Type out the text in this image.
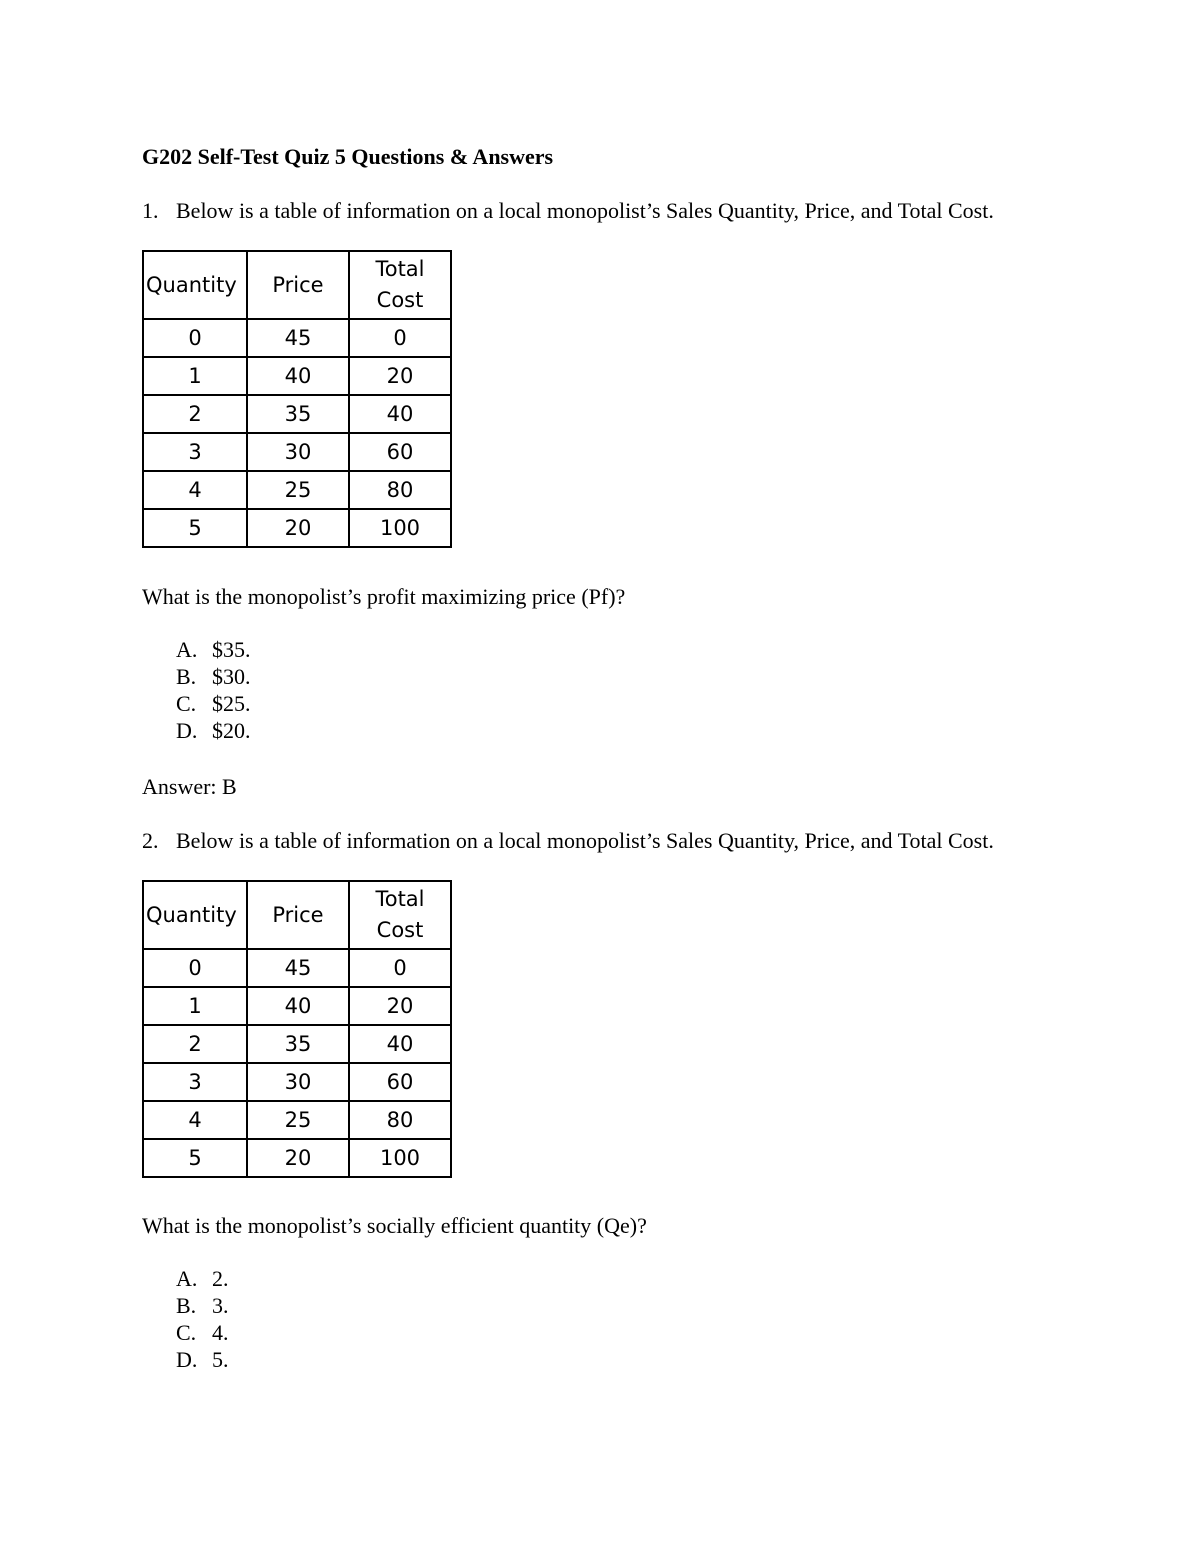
G202 Self-Test Quiz 5 Questions & Answers
1. Below is a table of information on a local monopolist’s Sales Quantity, Price, and Total Cost.
Quantity	Price	Total Cost
0	45	0
1	40	20
2	35	40
3	30	60
4	25	80
5	20	100
What is the monopolist’s profit maximizing price (Pf)?
A. $35.
B. $30.
C. $25.
D. $20.
Answer: B
2. Below is a table of information on a local monopolist’s Sales Quantity, Price, and Total Cost.
Quantity	Price	Total Cost
0	45	0
1	40	20
2	35	40
3	30	60
4	25	80
5	20	100
What is the monopolist’s socially efficient quantity (Qe)?
A. 2.
B. 3.
C. 4.
D. 5.
